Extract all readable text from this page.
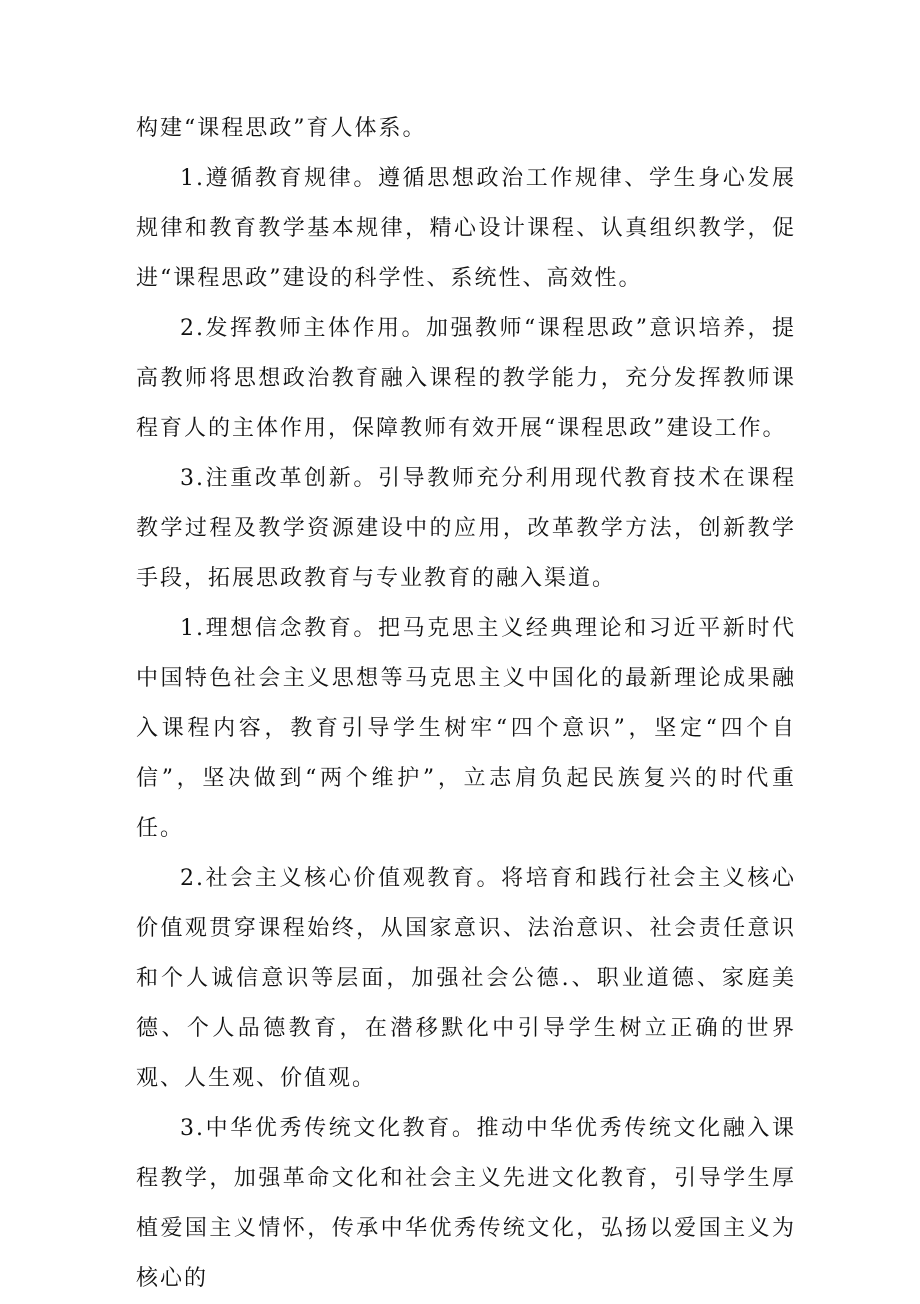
构建“课程思政”育人体系。

1.遵循教育规律。遵循思想政治工作规律、学生身心发展规律和教育教学基本规律，精心设计课程、认真组织教学，促进“课程思政”建设的科学性、系统性、高效性。

2.发挥教师主体作用。加强教师“课程思政”意识培养，提高教师将思想政治教育融入课程的教学能力，充分发挥教师课程育人的主体作用，保障教师有效开展“课程思政”建设工作。

3.注重改革创新。引导教师充分利用现代教育技术在课程教学过程及教学资源建设中的应用，改革教学方法，创新教学手段，拓展思政教育与专业教育的融入渠道。

1.理想信念教育。把马克思主义经典理论和习近平新时代中国特色社会主义思想等马克思主义中国化的最新理论成果融入课程内容，教育引导学生树牢“四个意识”，坚定“四个自信”，坚决做到“两个维护”，立志肩负起民族复兴的时代重任。

2.社会主义核心价值观教育。将培育和践行社会主义核心价值观贯穿课程始终，从国家意识、法治意识、社会责任意识和个人诚信意识等层面，加强社会公德.、职业道德、家庭美德、个人品德教育，在潜移默化中引导学生树立正确的世界观、人生观、价值观。

3.中华优秀传统文化教育。推动中华优秀传统文化融入课程教学，加强革命文化和社会主义先进文化教育，引导学生厚植爱国主义情怀，传承中华优秀传统文化，弘扬以爱国主义为核心的
